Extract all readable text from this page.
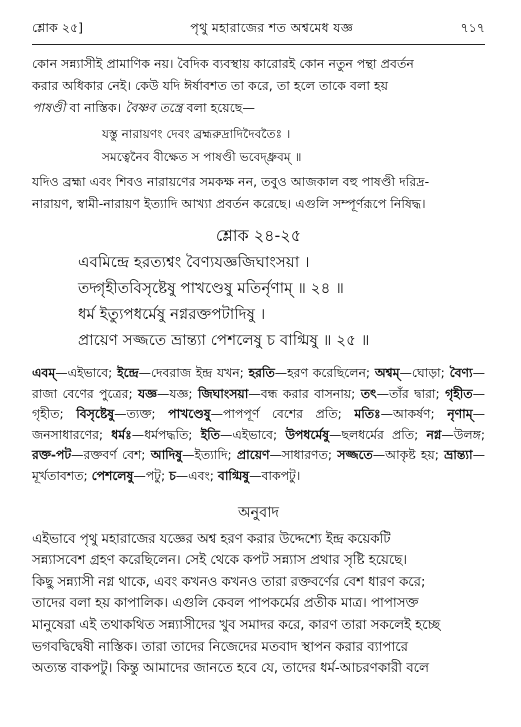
শ্লোক ২৫]	পৃথু মহারাজের শত অশ্বমেধ যজ্ঞ	৭১৭

কোন সন্ন্যাসীই প্রামাণিক নয়। বৈদিক ব্যবস্থায় কারোরই কোন নতুন পন্থা প্রবর্তন
করার অধিকার নেই। কেউ যদি ঈর্ষাবশত তা করে, তা হলে তাকে বলা হয়
পাষণ্ডী বা নাস্তিক। বৈষ্ণব তন্ত্রে বলা হয়েছে—

যস্তু নারায়ণং দেবং ব্রহ্মরুদ্রাদিদৈবতৈঃ ।
সমত্বেনৈব বীক্ষেত স পাষণ্ডী ভবেদ্ধ্রুবম্ ॥

যদিও ব্রহ্মা এবং শিবও নারায়ণের সমকক্ষ নন, তবুও আজকাল বহু পাষণ্ডী দরিদ্র-
নারায়ণ, স্বামী-নারায়ণ ইত্যাদি আখ্যা প্রবর্তন করেছে। এগুলি সম্পূর্ণরূপে নিষিদ্ধ।

শ্লোক ২৪-২৫
এবমিন্দ্রে হরত্যশ্বং বৈণ্যযজ্ঞজিঘাংসয়া ।
তদ্গৃহীতবিসৃষ্টেষু পাখণ্ডেষু মতির্নৃণাম্ ॥ ২৪ ॥
ধর্ম ইত্যুপধর্মেষু নগ্নরক্তপটাদিষু ।
প্রায়েণ সজ্জতে ভ্রান্ত্যা পেশলেষু চ বাগ্মিষু ॥ ২৫ ॥
এবম্—এইভাবে; ইন্দ্রে—দেবরাজ ইন্দ্র যখন; হরতি—হরণ করেছিলেন; অশ্বম্—ঘোড়া; বৈণ্য—রাজা বেণের পুত্রের; যজ্ঞ—যজ্ঞ; জিঘাংসয়া—বন্ধ করার বাসনায়; তৎ—তাঁর দ্বারা; গৃহীত—গৃহীত; বিসৃষ্টেষু—ত্যক্ত; পাখণ্ডেষু—পাপপূর্ণ বেশের প্রতি; মতিঃ—আকর্ষণ; নৃণাম্—জনসাধারণের; ধর্মঃ—ধর্মপদ্ধতি; ইতি—এইভাবে; উপধর্মেষু—ছলধর্মের প্রতি; নগ্ন—উলঙ্গ; রক্ত-পট—রক্তবর্ণ বেশ; আদিষু—ইত্যাদি; প্রায়েণ—সাধারণত; সজ্জতে—আকৃষ্ট হয়; ভ্রান্ত্যা—মূর্খতাবশত; পেশলেষু—পটু; চ—এবং; বাগ্মিষু—বাকপটু।
অনুবাদ
এইভাবে পৃথু মহারাজের যজ্ঞের অশ্ব হরণ করার উদ্দেশ্যে ইন্দ্র কয়েকটি
সন্ন্যাসবেশ গ্রহণ করেছিলেন। সেই থেকে কপট সন্ন্যাস প্রথার সৃষ্টি হয়েছে।
কিছু সন্ন্যাসী নগ্ন থাকে, এবং কখনও কখনও তারা রক্তবর্ণের বেশ ধারণ করে;
তাদের বলা হয় কাপালিক। এগুলি কেবল পাপকর্মের প্রতীক মাত্র। পাপাসক্ত
মানুষেরা এই তথাকথিত সন্ন্যাসীদের খুব সমাদর করে, কারণ তারা সকলেই হচ্ছে
ভগবদ্বিদ্বেষী নাস্তিক। তারা তাদের নিজেদের মতবাদ স্থাপন করার ব্যাপারে
অত্যন্ত বাকপটু। কিন্তু আমাদের জানতে হবে যে, তাদের ধর্ম-আচরণকারী বলে
